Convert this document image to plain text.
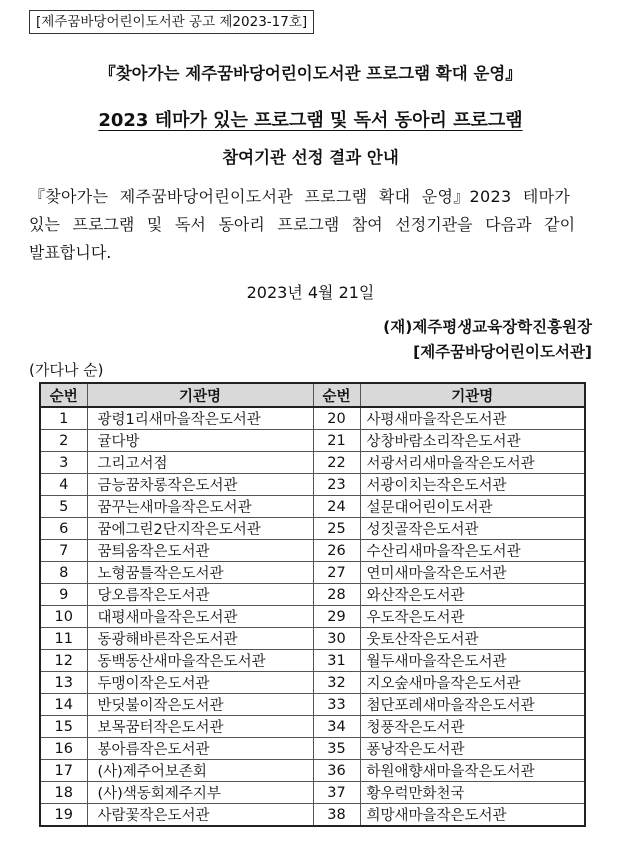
[제주꿈바당어린이도서관 공고 제2023-17호]
『찾아가는 제주꿈바당어린이도서관 프로그램 확대 운영』
2023 테마가 있는 프로그램 및 독서 동아리 프로그램
참여기관 선정 결과 안내
『찾아가는 제주꿈바당어린이도서관 프로그램 확대 운영』2023 테마가
있는 프로그램 및 독서 동아리 프로그램 참여 선정기관을 다음과 같이
발표합니다.
2023년 4월 21일
(재)제주평생교육장학진흥원장
[제주꿈바당어린이도서관]
(가다나 순)
순번	기관명	순번	기관명
1	광령1리새마을작은도서관	20	사평새마을작은도서관
2	귤다방	21	상창바람소리작은도서관
3	그리고서점	22	서광서리새마을작은도서관
4	금능꿈차롱작은도서관	23	서광이치는작은도서관
5	꿈꾸는새마을작은도서관	24	설문대어린이도서관
6	꿈에그린2단지작은도서관	25	성짓골작은도서관
7	꿈틔움작은도서관	26	수산리새마을작은도서관
8	노형꿈틀작은도서관	27	연미새마을작은도서관
9	당오름작은도서관	28	와산작은도서관
10	대평새마을작은도서관	29	우도작은도서관
11	동광해바른작은도서관	30	웃토산작은도서관
12	동백동산새마을작은도서관	31	월두새마을작은도서관
13	두맹이작은도서관	32	지오숲새마을작은도서관
14	반딧불이작은도서관	33	첨단포레새마을작은도서관
15	보목꿈터작은도서관	34	청풍작은도서관
16	봉아름작은도서관	35	퐁낭작은도서관
17	(사)제주어보존회	36	하원애향새마을작은도서관
18	(사)색동회제주지부	37	황우럭만화천국
19	사람꽃작은도서관	38	희망새마을작은도서관
